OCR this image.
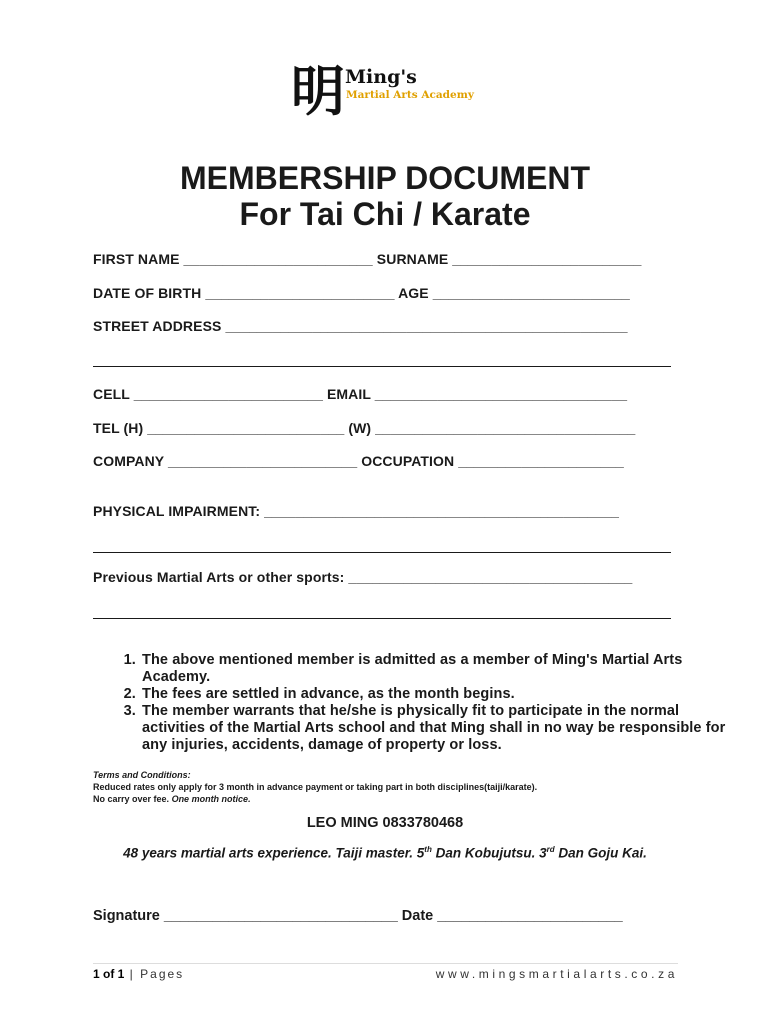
明 Ming's
Martial Arts Academy
MEMBERSHIP DOCUMENT
For Tai Chi / Karate
FIRST NAME ________________________ SURNAME ________________________
DATE OF BIRTH ________________________ AGE _________________________
STREET ADDRESS ___________________________________________________
CELL ________________________ EMAIL ________________________________
TEL (H) _________________________ (W) _________________________________
COMPANY ________________________ OCCUPATION _____________________
PHYSICAL IMPAIRMENT: _____________________________________________
Previous Martial Arts or other sports: ____________________________________
1. The above mentioned member is admitted as a member of Ming's Martial Arts Academy.
2. The fees are settled in advance, as the month begins.
3. The member warrants that he/she is physically fit to participate in the normal activities of the Martial Arts school and that Ming shall in no way be responsible for any injuries, accidents, damage of property or loss.
Terms and Conditions:
Reduced rates only apply for 3 month in advance payment or taking part in both disciplines(taiji/karate).
No carry over fee. One month notice.
LEO MING 0833780468
48 years martial arts experience. Taiji master. 5th Dan Kobujutsu. 3rd Dan Goju Kai.
Signature _____________________________ Date _______________________
1 of 1 | Pages	www.mingsmartialarts.co.za
